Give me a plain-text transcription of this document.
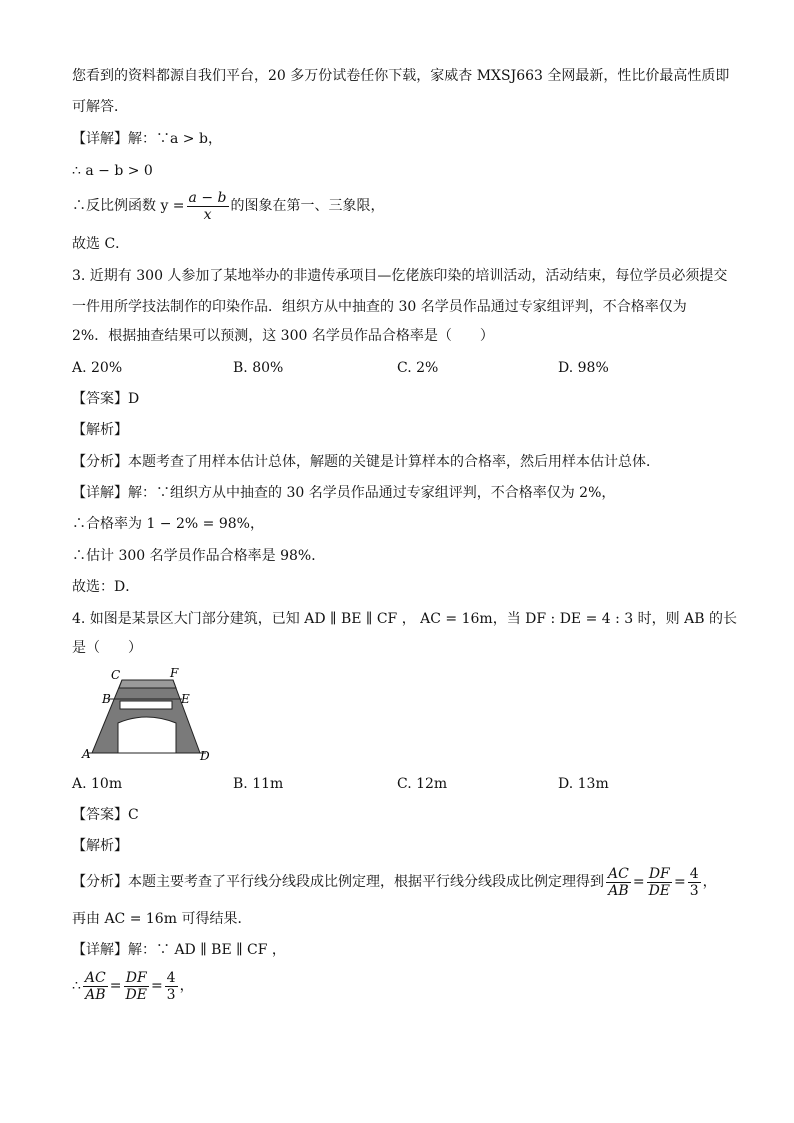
您看到的资料都源自我们平台，20 多万份试卷任你下载，家威杏 MXSJ663 全网最新，性比价最高性质即
可解答．
【详解】解：∵a > b，
∴ a − b > 0
∴反比例函数 $y = \frac{a - b}{x}$ 的图象在第一、三象限，
故选 C．
3. 近期有 300 人参加了某地举办的非遗传承项目—仡佬族印染的培训活动，活动结束，每位学员必须提交
一件用所学技法制作的印染作品．组织方从中抽查的 30 名学员作品通过专家组评判，不合格率仅为
2%．根据抽查结果可以预测，这 300 名学员作品合格率是（　　）
A. 20%	B. 80%	C. 2%	D. 98%
【答案】D
【解析】
【分析】本题考查了用样本估计总体，解题的关键是计算样本的合格率，然后用样本估计总体．
【详解】解：∵组织方从中抽查的 30 名学员作品通过专家组评判，不合格率仅为 2%，
∴合格率为 1 − 2% = 98%，
∴估计 300 名学员作品合格率是 98%．
故选：D．
4. 如图是某景区大门部分建筑，已知 AD ∥ BE ∥ CF ， AC = 16m，当 DF : DE = 4 : 3 时，则 AB 的长
是（　　）
C	F
B	E
A	D
A. 10m	B. 11m	C. 12m	D. 13m
【答案】C
【解析】
【分析】本题主要考查了平行线分线段成比例定理，根据平行线分线段成比例定理得到 $\frac{AC}{AB} = \frac{DF}{DE} = \frac{4}{3}$ ，
再由 AC = 16m 可得结果．
【详解】解：∵ AD ∥ BE ∥ CF ，
∴ $\frac{AC}{AB} = \frac{DF}{DE} = \frac{4}{3}$ ，
